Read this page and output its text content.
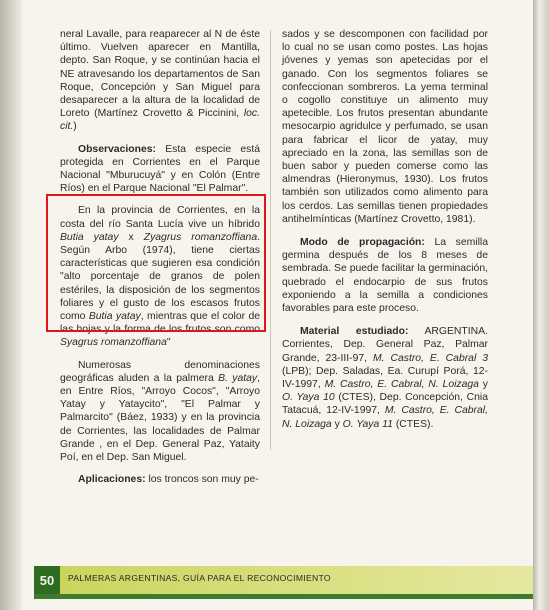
neral Lavalle, para reaparecer al N de éste último. Vuelven aparecer en Mantilla, depto. San Roque, y se continúan hacia el NE atravesando los departamentos de San Roque, Concepción y San Miguel para desaparecer a la altura de la localidad de Loreto (Martínez Crovetto & Piccinini, loc. cit.)

Observaciones: Esta especie está protegida en Corrientes en el Parque Nacional "Mburucuyá" y en Colón (Entre Ríos) en el Parque Nacional "El Palmar".

En la provincia de Corrientes, en la costa del río Santa Lucía vive un híbrido Butia yatay x Zyagrus romanzoffiana. Según Arbo (1974), tiene ciertas características que sugieren esa condición "alto porcentaje de granos de polen estériles, la disposición de los segmentos foliares y el gusto de los escasos frutos como Butia yatay, mientras que el color de las hojas y la forma de los frutos son como Syagrus romanzoffiana"

Numerosas denominaciones geográficas aluden a la palmera B. yatay, en Entre Ríos, "Arroyo Cocos", "Arroyo Yatay y Yataycito", "El Palmar y Palmarcito" (Báez, 1933) y en la provincia de Corrientes, las localidades de Palmar Grande , en el Dep. General Paz, Yataity Poí, en el Dep. San Miguel.

Aplicaciones: los troncos son muy pe-

sados y se descomponen con facilidad por lo cual no se usan como postes. Las hojas jóvenes y yemas son apetecidas por el ganado. Con los segmentos foliares se confeccionan sombreros. La yema terminal o cogollo constituye un alimento muy apetecible. Los frutos presentan abundante mesocarpio agridulce y perfumado, se usan para fabricar el licor de yatay, muy apreciado en la zona, las semillas son de buen sabor y pueden comerse como las almendras (Hieronymus, 1930). Los frutos también son utilizados como alimento para los cerdos. Las semillas tienen propiedades antihelmínticas (Martínez Crovetto, 1981).

Modo de propagación: La semilla germina después de los 8 meses de sembrada. Se puede facilitar la germinación, quebrado el endocarpio de sus frutos exponiendo a la semilla a condiciones favorables para este proceso.

Material estudiado: ARGENTINA. Corrientes, Dep. General Paz, Palmar Grande, 23-III-97, M. Castro, E. Cabral 3 (LPB); Dep. Saladas, Ea. Curupí Porá, 12-IV-1997, M. Castro, E. Cabral, N. Loizaga y O. Yaya 10 (CTES), Dep. Concepción, Cnia Tatacuá, 12-IV-1997, M. Castro, E. Cabral, N. Loizaga y O. Yaya 11 (CTES).

50	PALMERAS ARGENTINAS, GUÍA PARA EL RECONOCIMIENTO
